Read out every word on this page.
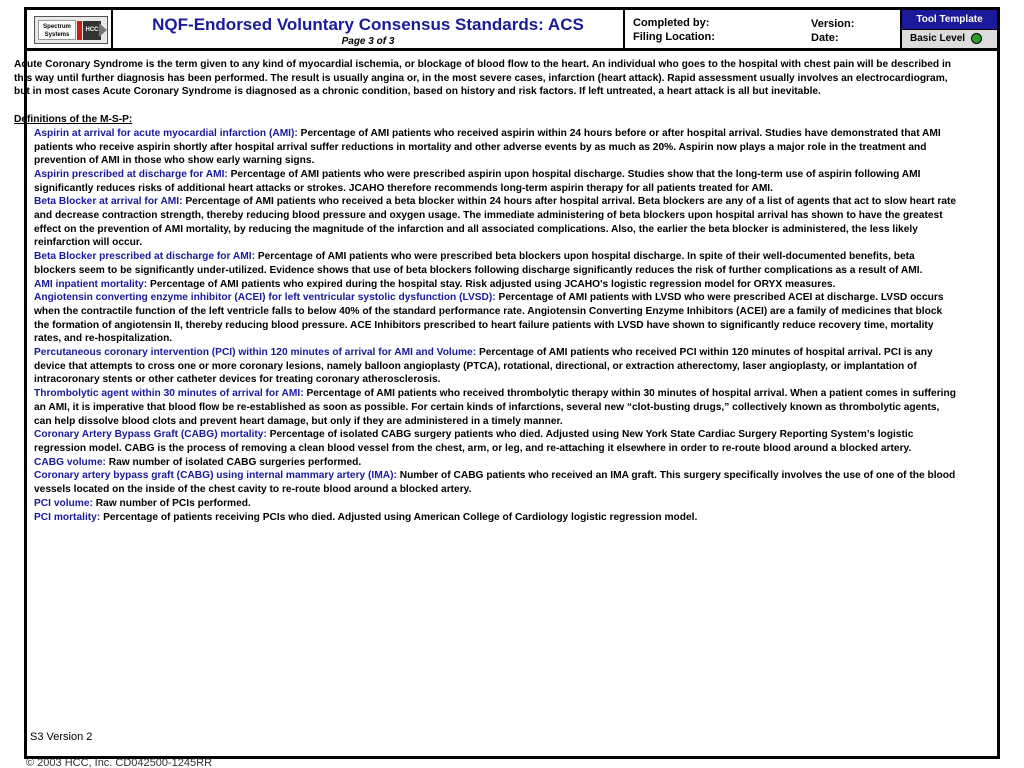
Spectrum Systems
HCC	NQF-Endorsed Voluntary Consensus Standards: ACS
Page 3 of 3
Completed by:
Filing Location:
Version:
Date:
Tool Template
Basic Level

Acute Coronary Syndrome is the term given to any kind of myocardial ischemia, or blockage of blood flow to the heart. An individual who goes to the hospital with chest pain will be described in this way until further diagnosis has been performed. The result is usually angina or, in the most severe cases, infarction (heart attack). Rapid assessment usually involves an electrocardiogram, but in most cases Acute Coronary Syndrome is diagnosed as a chronic condition, based on history and risk factors. If left untreated, a heart attack is all but inevitable.

Definitions of the M-S-P:
Aspirin at arrival for acute myocardial infarction (AMI): Percentage of AMI patients who received aspirin within 24 hours before or after hospital arrival. Studies have demonstrated that AMI patients who receive aspirin shortly after hospital arrival suffer reductions in mortality and other adverse events by as much as 20%. Aspirin now plays a major role in the treatment and prevention of AMI in those who show early warning signs.
Aspirin prescribed at discharge for AMI: Percentage of AMI patients who were prescribed aspirin upon hospital discharge. Studies show that the long-term use of aspirin following AMI significantly reduces risks of additional heart attacks or strokes. JCAHO therefore recommends long-term aspirin therapy for all patients treated for AMI.
Beta Blocker at arrival for AMI: Percentage of AMI patients who received a beta blocker within 24 hours after hospital arrival. Beta blockers are any of a list of agents that act to slow heart rate and decrease contraction strength, thereby reducing blood pressure and oxygen usage. The immediate administering of beta blockers upon hospital arrival has shown to have the greatest effect on the prevention of AMI mortality, by reducing the magnitude of the infarction and all associated complications. Also, the earlier the beta blocker is administered, the less likely reinfarction will occur.
Beta Blocker prescribed at discharge for AMI: Percentage of AMI patients who were prescribed beta blockers upon hospital discharge. In spite of their well-documented benefits, beta blockers seem to be significantly under-utilized. Evidence shows that use of beta blockers following discharge significantly reduces the risk of further complications as a result of AMI.
AMI inpatient mortality: Percentage of AMI patients who expired during the hospital stay. Risk adjusted using JCAHO's logistic regression model for ORYX measures.
Angiotensin converting enzyme inhibitor (ACEI) for left ventricular systolic dysfunction (LVSD): Percentage of AMI patients with LVSD who were prescribed ACEI at discharge. LVSD occurs when the contractile function of the left ventricle falls to below 40% of the standard performance rate. Angiotensin Converting Enzyme Inhibitors (ACEI) are a family of medicines that block the formation of angiotensin II, thereby reducing blood pressure. ACE Inhibitors prescribed to heart failure patients with LVSD have shown to significantly reduce recovery time, mortality rates, and re-hospitalization.
Percutaneous coronary intervention (PCI) within 120 minutes of arrival for AMI and Volume: Percentage of AMI patients who received PCI within 120 minutes of hospital arrival. PCI is any device that attempts to cross one or more coronary lesions, namely balloon angioplasty (PTCA), rotational, directional, or extraction atherectomy, laser angioplasty, or implantation of intracoronary stents or other catheter devices for treating coronary atherosclerosis.
Thrombolytic agent within 30 minutes of arrival for AMI: Percentage of AMI patients who received thrombolytic therapy within 30 minutes of hospital arrival. When a patient comes in suffering an AMI, it is imperative that blood flow be re-established as soon as possible. For certain kinds of infarctions, several new “clot-busting drugs,” collectively known as thrombolytic agents, can help dissolve blood clots and prevent heart damage, but only if they are administered in a timely manner.
Coronary Artery Bypass Graft (CABG) mortality: Percentage of isolated CABG surgery patients who died. Adjusted using New York State Cardiac Surgery Reporting System’s logistic regression model. CABG is the process of removing a clean blood vessel from the chest, arm, or leg, and re-attaching it elsewhere in order to re-route blood around a blocked artery.
CABG volume: Raw number of isolated CABG surgeries performed.
Coronary artery bypass graft (CABG) using internal mammary artery (IMA): Number of CABG patients who received an IMA graft. This surgery specifically involves the use of one of the blood vessels located on the inside of the chest cavity to re-route blood around a blocked artery.
PCI volume: Raw number of PCIs performed.
PCI mortality: Percentage of patients receiving PCIs who died. Adjusted using American College of Cardiology logistic regression model.
S3 Version 2
© 2003 HCC, Inc. CD042500-1245RR
